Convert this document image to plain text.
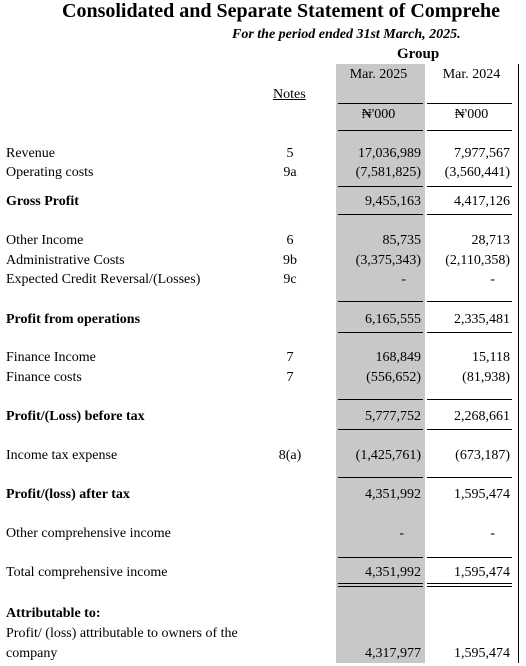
Consolidated and Separate Statement of Comprehe
For the period ended 31st March, 2025.
Group
Mar. 2025	Mar. 2024
Notes
₦'000	₦'000
Revenue	5	17,036,989	7,977,567
Operating costs	9a	(7,581,825)	(3,560,441)
Gross Profit	9,455,163	4,417,126
Other Income	6	85,735	28,713
Administrative Costs	9b	(3,375,343)	(2,110,358)
Expected Credit Reversal/(Losses)	9c	-	-
Profit from operations	6,165,555	2,335,481
Finance Income	7	168,849	15,118
Finance costs	7	(556,652)	(81,938)
Profit/(Loss) before tax	5,777,752	2,268,661
Income tax expense	8(a)	(1,425,761)	(673,187)
Profit/(loss) after tax	4,351,992	1,595,474
Other comprehensive income	-	-
Total comprehensive income	4,351,992	1,595,474
Attributable to:
Profit/ (loss) attributable to owners of the
company	4,317,977	1,595,474
